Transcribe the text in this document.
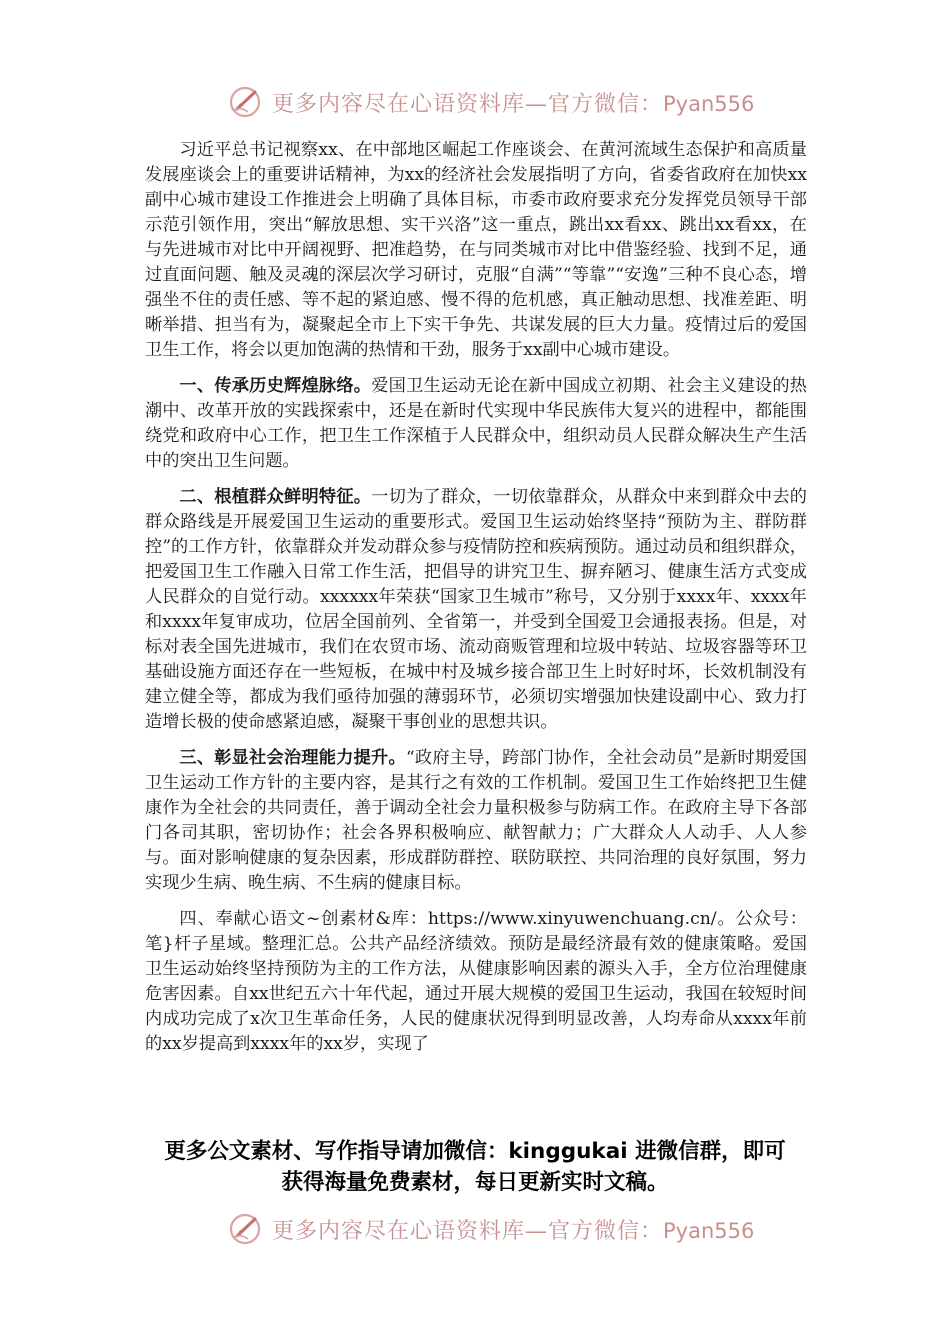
更多内容尽在心语资料库—官方微信：Pyan556

习近平总书记视察xx、在中部地区崛起工作座谈会、在黄河流域生态保护和高质量发展座谈会上的重要讲话精神，为xx的经济社会发展指明了方向，省委省政府在加快xx副中心城市建设工作推进会上明确了具体目标，市委市政府要求充分发挥党员领导干部示范引领作用，突出“解放思想、实干兴洛”这一重点，跳出xx看xx、跳出xx看xx，在与先进城市对比中开阔视野、把准趋势，在与同类城市对比中借鉴经验、找到不足，通过直面问题、触及灵魂的深层次学习研讨，克服“自满”“等靠”“安逸”三种不良心态，增强坐不住的责任感、等不起的紧迫感、慢不得的危机感，真正触动思想、找准差距、明晰举措、担当有为，凝聚起全市上下实干争先、共谋发展的巨大力量。疫情过后的爱国卫生工作，将会以更加饱满的热情和干劲，服务于xx副中心城市建设。

一、传承历史辉煌脉络。爱国卫生运动无论在新中国成立初期、社会主义建设的热潮中、改革开放的实践探索中，还是在新时代实现中华民族伟大复兴的进程中，都能围绕党和政府中心工作，把卫生工作深植于人民群众中，组织动员人民群众解决生产生活中的突出卫生问题。

二、根植群众鲜明特征。一切为了群众，一切依靠群众，从群众中来到群众中去的群众路线是开展爱国卫生运动的重要形式。爱国卫生运动始终坚持“预防为主、群防群控”的工作方针，依靠群众并发动群众参与疫情防控和疾病预防。通过动员和组织群众，把爱国卫生工作融入日常工作生活，把倡导的讲究卫生、摒弃陋习、健康生活方式变成人民群众的自觉行动。xxxxxx年荣获“国家卫生城市”称号，又分别于xxxx年、xxxx年和xxxx年复审成功，位居全国前列、全省第一，并受到全国爱卫会通报表扬。但是，对标对表全国先进城市，我们在农贸市场、流动商贩管理和垃圾中转站、垃圾容器等环卫基础设施方面还存在一些短板，在城中村及城乡接合部卫生上时好时坏，长效机制没有建立健全等，都成为我们亟待加强的薄弱环节，必须切实增强加快建设副中心、致力打造增长极的使命感紧迫感，凝聚干事创业的思想共识。

三、彰显社会治理能力提升。“政府主导，跨部门协作，全社会动员”是新时期爱国卫生运动工作方针的主要内容，是其行之有效的工作机制。爱国卫生工作始终把卫生健康作为全社会的共同责任，善于调动全社会力量积极参与防病工作。在政府主导下各部门各司其职，密切协作；社会各界积极响应、献智献力；广大群众人人动手、人人参与。面对影响健康的复杂因素，形成群防群控、联防联控、共同治理的良好氛围，努力实现少生病、晚生病、不生病的健康目标。

四、奉献心语文~创素材&库：https://www.xinyuwenchuang.cn/。公众号：笔}杆子星域。整理汇总。公共产品经济绩效。预防是最经济最有效的健康策略。爱国卫生运动始终坚持预防为主的工作方法，从健康影响因素的源头入手，全方位治理健康危害因素。自xx世纪五六十年代起，通过开展大规模的爱国卫生运动，我国在较短时间内成功完成了x次卫生革命任务，人民的健康状况得到明显改善，人均寿命从xxxx年前的xx岁提高到xxxx年的xx岁，实现了

更多公文素材、写作指导请加微信：kinggukai 进微信群，即可
获得海量免费素材，每日更新实时文稿。
更多内容尽在心语资料库—官方微信：Pyan556
